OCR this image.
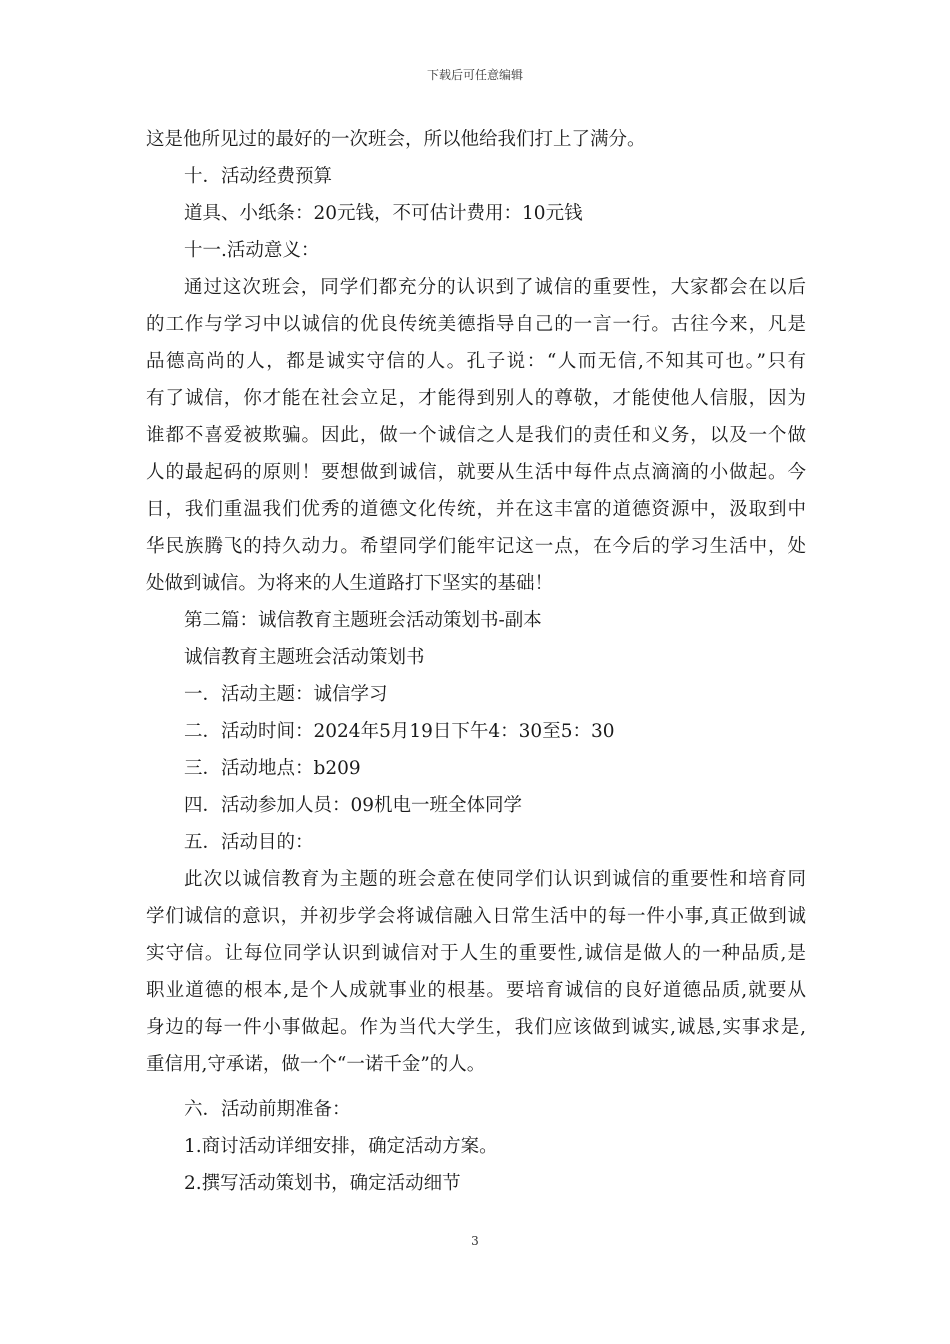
下载后可任意编辑
这是他所见过的最好的一次班会，所以他给我们打上了满分。
十．活动经费预算
道具、小纸条：20元钱，不可估计费用：10元钱
十一.活动意义：
通过这次班会，同学们都充分的认识到了诚信的重要性，大家都会在以后
的工作与学习中以诚信的优良传统美德指导自己的一言一行。古往今来，凡是
品德高尚的人，都是诚实守信的人。孔子说：“人而无信,不知其可也。”只有
有了诚信，你才能在社会立足，才能得到别人的尊敬，才能使他人信服，因为
谁都不喜爱被欺骗。因此，做一个诚信之人是我们的责任和义务，以及一个做
人的最起码的原则！要想做到诚信，就要从生活中每件点点滴滴的小做起。今
日，我们重温我们优秀的道德文化传统，并在这丰富的道德资源中，汲取到中
华民族腾飞的持久动力。希望同学们能牢记这一点，在今后的学习生活中，处
处做到诚信。为将来的人生道路打下坚实的基础！
第二篇：诚信教育主题班会活动策划书-副本
诚信教育主题班会活动策划书
一．活动主题：诚信学习
二．活动时间：2024年5月19日下午4：30至5：30
三．活动地点：b209
四．活动参加人员：09机电一班全体同学
五．活动目的：
此次以诚信教育为主题的班会意在使同学们认识到诚信的重要性和培育同
学们诚信的意识，并初步学会将诚信融入日常生活中的每一件小事,真正做到诚
实守信。让每位同学认识到诚信对于人生的重要性,诚信是做人的一种品质,是
职业道德的根本,是个人成就事业的根基。要培育诚信的良好道德品质,就要从
身边的每一件小事做起。作为当代大学生，我们应该做到诚实,诚恳,实事求是,
重信用,守承诺，做一个“一诺千金”的人。
六．活动前期准备：
1.商讨活动详细安排，确定活动方案。
2.撰写活动策划书，确定活动细节
3
